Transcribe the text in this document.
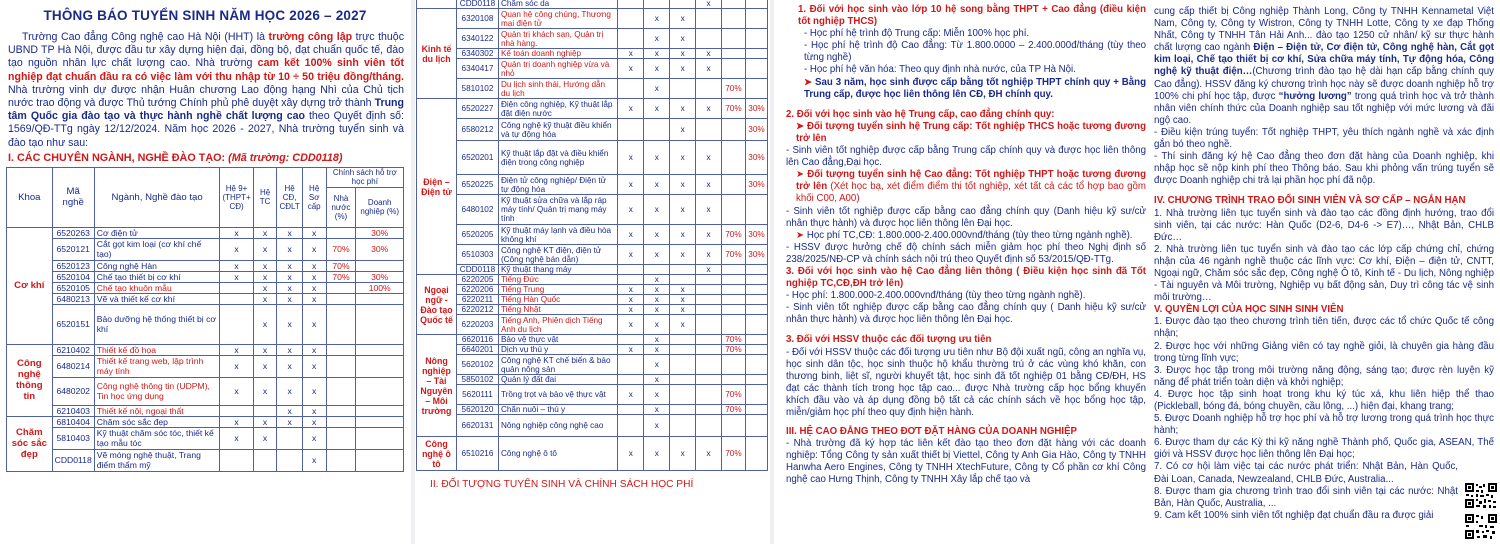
THÔNG BÁO TUYỂN SINH NĂM HỌC 2026 – 2027

Trường Cao đẳng Công nghệ cao Hà Nội (HHT) là trường công lập trực thuộc UBND TP Hà Nội, được đầu tư xây dựng hiện đại, đồng bộ, đạt chuẩn quốc tế, đào tạo nguồn nhân lực chất lượng cao. Nhà trường cam kết 100% sinh viên tốt nghiệp đạt chuẩn đầu ra có việc làm với thu nhập từ 10 ÷ 50 triệu đồng/tháng. Nhà trường vinh dự được nhận Huân chương Lao động hạng Nhì của Chủ tịch nước trao động và được Thủ tướng Chính phủ phê duyệt xây dựng trở thành Trung tâm Quốc gia đào tạo và thực hành nghề chất lượng cao theo Quyết định số: 1569/QĐ-TTg ngày 12/12/2024. Năm học 2026 - 2027, Nhà trường tuyển sinh và đào tạo như sau:

I. CÁC CHUYÊN NGÀNH, NGHỀ ĐÀO TẠO: (Mã trường: CDD0118)
Khoa	Mã nghề	Ngành, Nghề đào tạo	Hệ 9+ (THPT+ CĐ)	Hệ TC	Hệ CĐ, CĐLT	Hệ Sơ cấp	Chính sách hỗ trợ học phí	
							Nhà nước (%)	Doanh nghiệp (%)
Cơ khí	6520263	Cơ điện tử	x	x	x	x		30%
	6520121	Cắt gọt kim loại (cơ khí chế tạo)	x	x	x	x	70%	30%
	6520123	Công nghệ Hàn	x	x	x	x	70%	
	6520104	Chế tạo thiết bị cơ khí	x	x	x	x	70%	30%
	6520105	Chế tạo khuôn mẫu		x	x	x		100%
	6480213	Vẽ và thiết kế cơ khí		x	x	x		
	6520151	Bảo dưỡng hệ thống thiết bị cơ khí		x	x	x		
Công nghệ thông tin	6210402	Thiết kế đồ họa	x	x	x	x		
	6480214	Thiết kế trang web, lập trình máy tính	x	x	x	x		
	6480202	Công nghệ thông tin (UDPM), Tin học ứng dụng	x	x	x	x		
	6210403	Thiết kế nội, ngoại thất			x	x		
Chăm sóc sắc đẹp	6810404	Chăm sóc sắc đẹp	x	x	x	x		
	5810403	Kỹ thuật chăm sóc tóc, thiết kế tạo mẫu tóc	x	x		x		
	CDD0118	Vẽ móng nghệ thuật, Trang điểm thẩm mỹ				x		
	CDD0118	Chăm sóc da				x		
Kinh tế du lịch	6320108	Quan hệ công chúng, Thương mại điện tử		x	x			
	6340122	Quản trị khách sạn, Quản trị nhà hàng.		x	x			
	6340302	Kế toán doanh nghiệp	x	x	x	x		
	6340417	Quản trị doanh nghiệp vừa và nhỏ	x	x	x	x		
	5810102	Du lịch sinh thái, Hướng dẫn du lịch		x			70%	
Điện – Điện tử	6520227	Điện công nghiệp, Kỹ thuật lắp đặt điện nước	x	x	x	x	70%	30%
	6580212	Công nghệ kỹ thuật điều khiển và tự động hóa			x			30%
	6520201	Kỹ thuật lắp đặt và điều khiển điện trong công nghiệp	x	x	x	x		30%
	6520225	Điện tử công nghiệp/ Điện tử tự động hóa	x	x	x	x		30%
	6480102	Kỹ thuật sửa chữa và lắp ráp máy tính/ Quản trị mạng máy tính	x	x	x	x		
	6520205	Kỹ thuật máy lạnh và điều hòa không khí	x	x	x	x	70%	30%
	6510303	Công nghệ KT điện, điện tử (Công nghệ bán dẫn)	x	x	x	x	70%	30%
	CDD0118	Kỹ thuật thang máy				x		
Ngoại ngữ - Đào tạo Quốc tế	6220205	Tiếng Đức		x				
	6220206	Tiếng Trung	x	x	x			
	6220211	Tiếng Hàn Quốc	x	x	x			
	6220212	Tiếng Nhật	x	x	x			
	6220203	Tiếng Anh, Phiên dịch Tiếng Anh du lịch	x	x	x			
Nông nghiệp – Tài Nguyên – Môi trường	6620116	Bảo vệ thực vật		x			70%	
	6640201	Dịch vụ thú y	x	x			70%	
	5620102	Công nghệ KT chế biến & bảo quản nông sản		x				
	5850102	Quản lý đất đai		x				
	5620111	Trồng trọt và bảo vệ thực vật	x	x			70%	
	5620120	Chăn nuôi – thú y		x			70%	
	6620131	Nông nghiệp công nghệ cao		x				
Công nghệ ô tô	6510216	Công nghệ ô tô	x	x	x	x	70%	
II. ĐỐI TƯỢNG TUYỂN SINH VÀ CHÍNH SÁCH HỌC PHÍ

1. Đối với học sinh vào lớp 10 hệ song bằng THPT + Cao đẳng (điều kiện tốt nghiệp THCS)

- Học phí hệ trình độ Trung cấp: Miễn 100% học phí.

- Học phí hệ trình độ Cao đẳng: Từ 1.800.0000 – 2.400.000đ/tháng (tùy theo từng nghề)

- Học phí hệ văn hóa: Theo quy định nhà nước, của TP Hà Nội.

➤ Sau 3 năm, học sinh được cấp bằng tốt nghiệp THPT chính quy + Bằng Trung cấp, được học liên thông lên CĐ, ĐH chính quy.

2. Đối với học sinh vào hệ Trung cấp, cao đẳng chính quy:

➤ Đối tượng tuyển sinh hệ Trung cấp: Tốt nghiệp THCS hoặc tương đương trở lên

- Sinh viên tốt nghiệp được cấp bằng Trung cấp chính quy và được học liên thông lên Cao đẳng,Đại học.

➤ Đối tượng tuyển sinh hệ Cao đẳng: Tốt nghiệp THPT hoặc tương đương trở lên (Xét học bạ, xét điểm điểm thi tốt nghiệp, xét tất cả các tổ hợp bao gồm khối C00, A00)

- Sinh viên tốt nghiệp được cấp bằng cao đẳng chính quy (Danh hiệu kỹ sư/cử nhân thực hành) và được học liên thông lên Đại học.

➤ Học phí TC,CĐ: 1.800.000-2.400.000vnđ/tháng (tùy theo từng ngành nghề).

- HSSV được hưởng chế độ chính sách miễn giảm học phí theo Nghị định số 238/2025/NĐ-CP và chính sách nội trú theo Quyết định số 53/2015/QĐ-TTg.

3. Đối với học sinh vào hệ Cao đẳng liên thông ( Điều kiện học sinh đã Tốt nghiệp TC,CĐ,ĐH trở lên)

- Học phí: 1.800.000-2.400.000vnđ/tháng (tùy theo từng ngành nghề).

- Sinh viên tốt nghiệp được cấp bằng cao đẳng chính quy ( Danh hiệu kỹ sư/cử nhân thực hành) và được học liên thông lên Đại học.

3. Đối với HSSV thuộc các đối tượng ưu tiên

- Đối với HSSV thuộc các đối tượng ưu tiên như Bộ đội xuất ngũ, công an nghĩa vụ, học sinh dân tộc, học sinh thuộc hộ khẩu thường trú ở các vùng khó khăn, con thương binh, liệt sĩ, người khuyết tật, học sinh đã tốt nghiệp 01 bằng CĐ/ĐH, HS đạt các thành tích trong học tập cao... được Nhà trường cấp học bổng khuyến khích đầu vào và áp dụng đồng bộ tất cả các chính sách về học bổng học tập, miễn/giảm học phí theo quy định hiện hành.

III. HỆ CAO ĐẲNG THEO ĐƠT ĐẶT HÀNG CỦA DOANH NGHIỆP

- Nhà trường đã ký hợp tác liên kết đào tạo theo đơn đặt hàng với các doanh nghiệp: Tổng Công ty sản xuất thiết bị Viettel, Công ty Anh Gia Hào, Công ty TNHH Hanwha Aero Engines, Công ty TNHH XtechFuture, Công ty Cổ phần cơ khí Công nghệ cao Hưng Thịnh, Công ty TNHH Xây lắp chế tạo và

cung cấp thiết bị Công nghiệp Thành Long, Công ty TNHH Kennametal Việt Nam, Công ty, Công ty Wistron, Công ty TNHH Lotte, Công ty xe đạp Thống Nhất, Công ty TNHH Tân Hải Anh... đào tạo 1250 cử nhân/ kỹ sư thực hành chất lượng cao ngành Điện – Điện tử, Cơ điện tử, Công nghệ hàn, Cắt gọt kim loại, Chế tạo thiết bị cơ khí, Sửa chữa máy tính, Tự động hóa, Công nghệ kỹ thuật điện…(Chương trình đào tạo hệ dài hạn cấp bằng chính quy Cao đẳng). HSSV đăng ký chương trình học này sẽ được doanh nghiệp hỗ trợ 100% chi phí học tập, được “hưởng lương” trong quá trình học và trở thành nhân viên chính thức của Doanh nghiệp sau tốt nghiệp với mức lương và đãi ngộ cao.

- Điều kiện trúng tuyển: Tốt nghiệp THPT, yêu thích ngành nghề và xác định gắn bó theo nghề.

- Thí sinh đăng ký hệ Cao đẳng theo đơn đặt hàng của Doanh nghiệp, khi nhập học sẽ nộp kinh phí theo Thông báo. Sau khi phỏng vấn trúng tuyển sẽ được Doanh nghiệp chi trả lại phần học phí đã nộp.

IV. CHƯƠNG TRÌNH TRAO ĐỔI SINH VIÊN VÀ SƠ CẤP – NGẮN HẠN

1. Nhà trường liên tục tuyển sinh và đào tạo các đồng định hướng, trao đổi sinh viên, tại các nước: Hàn Quốc (D2-6, D4-6 -> E7)…, Nhật Bản, CHLB Đức…

2. Nhà trường liên tục tuyển sinh và đào tạo các lớp cấp chứng chỉ, chứng nhận của 46 ngành nghề thuộc các lĩnh vực: Cơ khí, Điện – điện tử, CNTT, Ngoại ngữ, Chăm sóc sắc đẹp, Công nghệ Ô tô, Kinh tế - Du lịch, Nông nghiệp - Tài nguyên và Môi trường, Nghiệp vụ bất động sản, Duy trì công tác vệ sinh môi trường…

V. QUYỀN LỢI CỦA HỌC SINH SINH VIÊN

1. Được đào tạo theo chương trình tiên tiến, được các tổ chức Quốc tế công nhận;

2. Được học với những Giảng viên có tay nghề giỏi, là chuyên gia hàng đầu trong từng lĩnh vực;

3. Được học tập trong môi trường năng động, sáng tạo; được rèn luyện kỹ năng để phát triển toàn diện và khởi nghiệp;

4. Được học tập sinh hoạt trong khu ký túc xá, khu liên hiệp thể thao (Pickleball, bóng đá, bóng chuyền, cầu lông, ...) hiện đại, khang trang;

5. Được Doanh nghiệp hỗ trợ học phí và hỗ trợ lương trong quá trình học thực hành;

6. Được tham dự các Kỳ thi kỹ năng nghề Thành phố, Quốc gia, ASEAN, Thế giới và HSSV được học liên thông lên Đại học;

7. Có cơ hội làm việc tại các nước phát triển: Nhật Bản, Hàn Quốc, Đài Loan, Canada, Newzealand, CHLB Đức, Australia...

8. Được tham gia chương trình trao đổi sinh viên tại các nước: Nhật Bản, Hàn Quốc, Australia, ...

9. Cam kết 100% sinh viên tốt nghiệp đạt chuẩn đầu ra được giải
